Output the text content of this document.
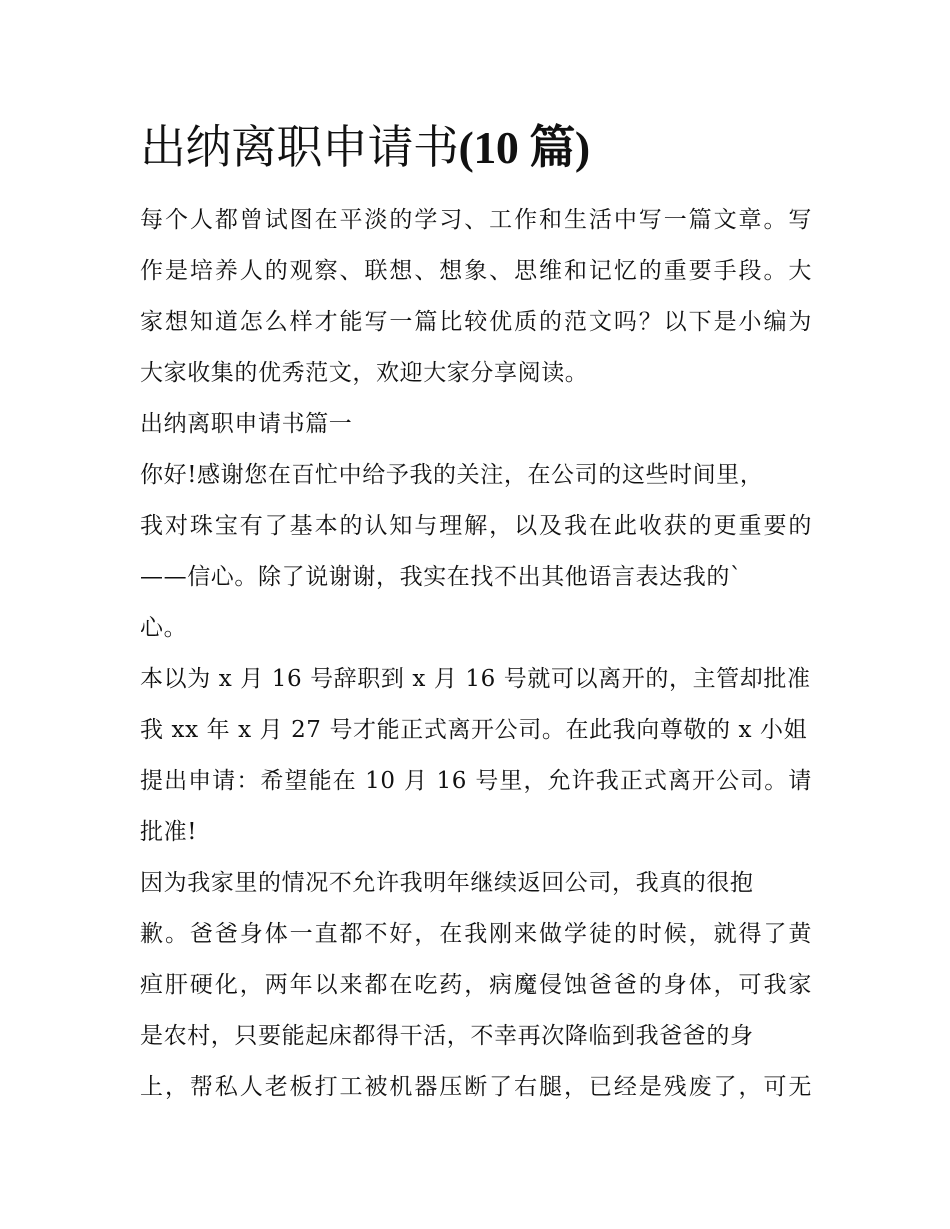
出纳离职申请书(10 篇)
每个人都曾试图在平淡的学习、工作和生活中写一篇文章。写
作是培养人的观察、联想、想象、思维和记忆的重要手段。大
家想知道怎么样才能写一篇比较优质的范文吗？以下是小编为
大家收集的优秀范文，欢迎大家分享阅读。
出纳离职申请书篇一
你好!感谢您在百忙中给予我的关注，在公司的这些时间里，
我对珠宝有了基本的认知与理解，以及我在此收获的更重要的
——信心。除了说谢谢，我实在找不出其他语言表达我的`
心。
本以为 x 月 16 号辞职到 x 月 16 号就可以离开的，主管却批准
我 xx 年 x 月 27 号才能正式离开公司。在此我向尊敬的 x 小姐
提出申请：希望能在 10 月 16 号里，允许我正式离开公司。请
批准!
因为我家里的情况不允许我明年继续返回公司，我真的很抱
歉。爸爸身体一直都不好，在我刚来做学徒的时候，就得了黄
疸肝硬化，两年以来都在吃药，病魔侵蚀爸爸的身体，可我家
是农村，只要能起床都得干活，不幸再次降临到我爸爸的身
上，帮私人老板打工被机器压断了右腿，已经是残废了，可无
